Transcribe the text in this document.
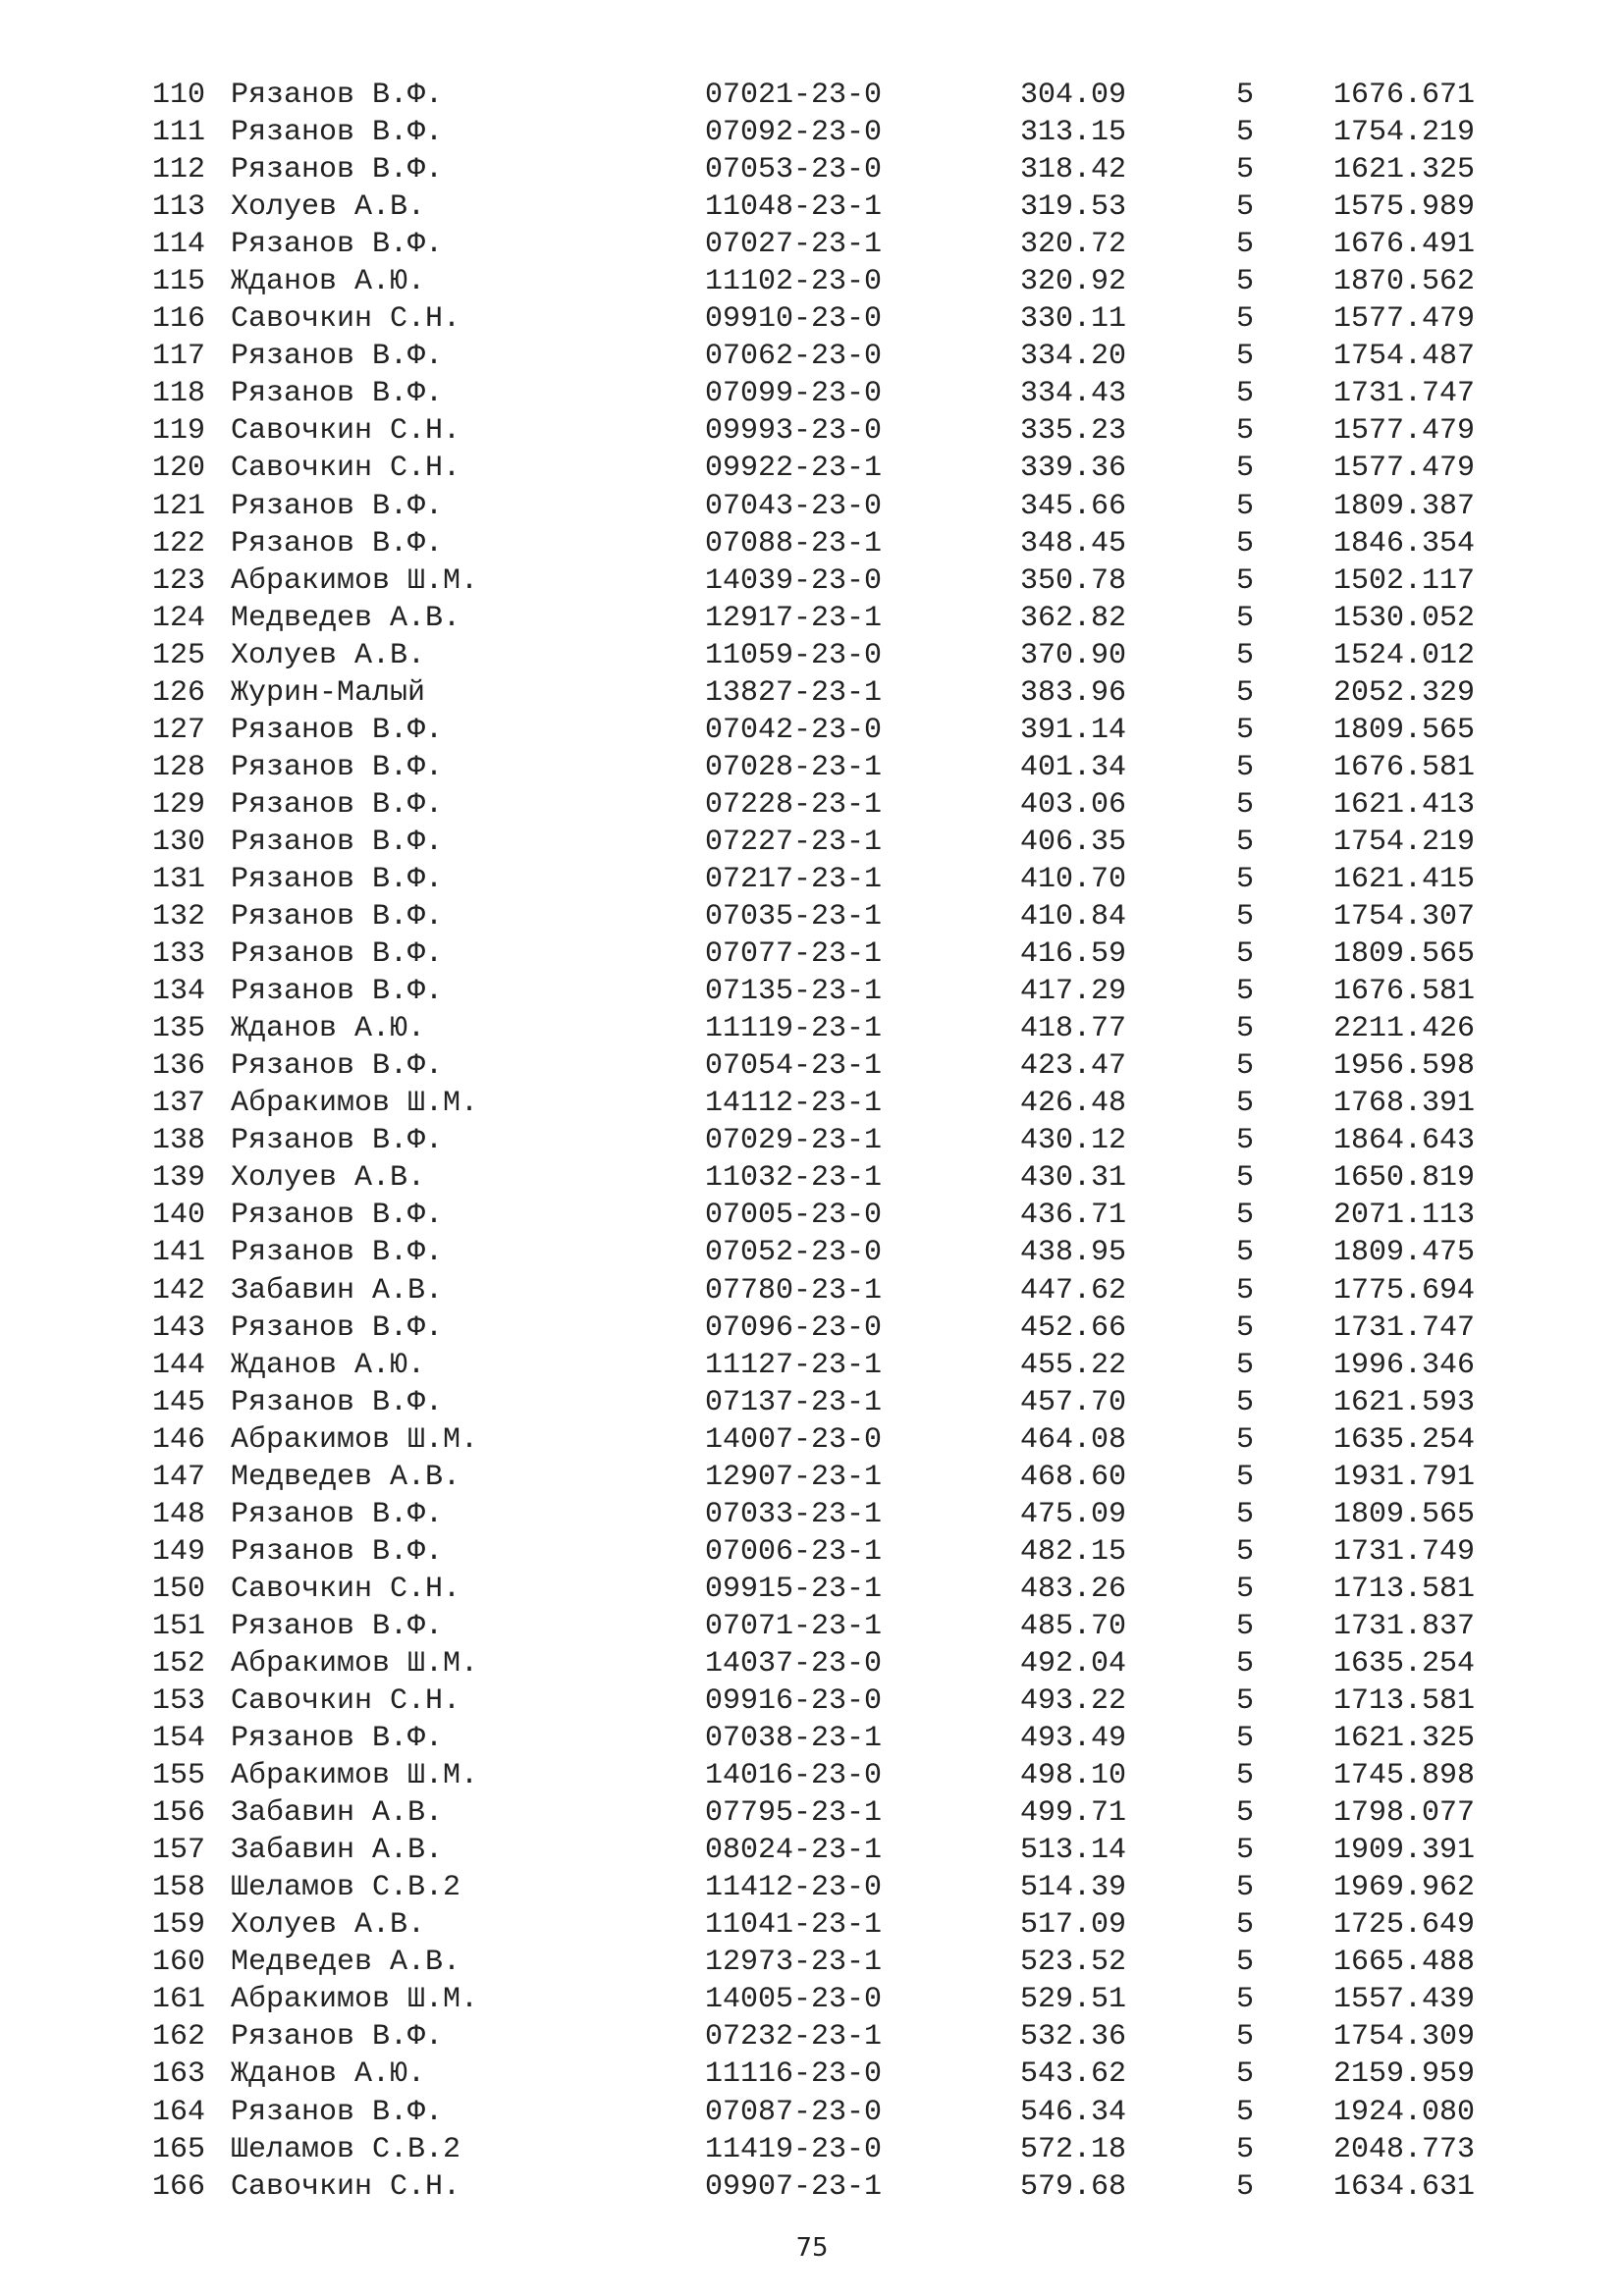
110 Рязанов В.Ф.	07021-23-0	304.09	5	1676.671
111 Рязанов В.Ф.	07092-23-0	313.15	5	1754.219
112 Рязанов В.Ф.	07053-23-0	318.42	5	1621.325
113 Холуев А.В.	11048-23-1	319.53	5	1575.989
114 Рязанов В.Ф.	07027-23-1	320.72	5	1676.491
115 Жданов А.Ю.	11102-23-0	320.92	5	1870.562
116 Савочкин С.Н.	09910-23-0	330.11	5	1577.479
117 Рязанов В.Ф.	07062-23-0	334.20	5	1754.487
118 Рязанов В.Ф.	07099-23-0	334.43	5	1731.747
119 Савочкин С.Н.	09993-23-0	335.23	5	1577.479
120 Савочкин С.Н.	09922-23-1	339.36	5	1577.479
121 Рязанов В.Ф.	07043-23-0	345.66	5	1809.387
122 Рязанов В.Ф.	07088-23-1	348.45	5	1846.354
123 Абракимов Ш.М.	14039-23-0	350.78	5	1502.117
124 Медведев А.В.	12917-23-1	362.82	5	1530.052
125 Холуев А.В.	11059-23-0	370.90	5	1524.012
126 Журин-Малый	13827-23-1	383.96	5	2052.329
127 Рязанов В.Ф.	07042-23-0	391.14	5	1809.565
128 Рязанов В.Ф.	07028-23-1	401.34	5	1676.581
129 Рязанов В.Ф.	07228-23-1	403.06	5	1621.413
130 Рязанов В.Ф.	07227-23-1	406.35	5	1754.219
131 Рязанов В.Ф.	07217-23-1	410.70	5	1621.415
132 Рязанов В.Ф.	07035-23-1	410.84	5	1754.307
133 Рязанов В.Ф.	07077-23-1	416.59	5	1809.565
134 Рязанов В.Ф.	07135-23-1	417.29	5	1676.581
135 Жданов А.Ю.	11119-23-1	418.77	5	2211.426
136 Рязанов В.Ф.	07054-23-1	423.47	5	1956.598
137 Абракимов Ш.М.	14112-23-1	426.48	5	1768.391
138 Рязанов В.Ф.	07029-23-1	430.12	5	1864.643
139 Холуев А.В.	11032-23-1	430.31	5	1650.819
140 Рязанов В.Ф.	07005-23-0	436.71	5	2071.113
141 Рязанов В.Ф.	07052-23-0	438.95	5	1809.475
142 Забавин А.В.	07780-23-1	447.62	5	1775.694
143 Рязанов В.Ф.	07096-23-0	452.66	5	1731.747
144 Жданов А.Ю.	11127-23-1	455.22	5	1996.346
145 Рязанов В.Ф.	07137-23-1	457.70	5	1621.593
146 Абракимов Ш.М.	14007-23-0	464.08	5	1635.254
147 Медведев А.В.	12907-23-1	468.60	5	1931.791
148 Рязанов В.Ф.	07033-23-1	475.09	5	1809.565
149 Рязанов В.Ф.	07006-23-1	482.15	5	1731.749
150 Савочкин С.Н.	09915-23-1	483.26	5	1713.581
151 Рязанов В.Ф.	07071-23-1	485.70	5	1731.837
152 Абракимов Ш.М.	14037-23-0	492.04	5	1635.254
153 Савочкин С.Н.	09916-23-0	493.22	5	1713.581
154 Рязанов В.Ф.	07038-23-1	493.49	5	1621.325
155 Абракимов Ш.М.	14016-23-0	498.10	5	1745.898
156 Забавин А.В.	07795-23-1	499.71	5	1798.077
157 Забавин А.В.	08024-23-1	513.14	5	1909.391
158 Шеламов С.В.2	11412-23-0	514.39	5	1969.962
159 Холуев А.В.	11041-23-1	517.09	5	1725.649
160 Медведев А.В.	12973-23-1	523.52	5	1665.488
161 Абракимов Ш.М.	14005-23-0	529.51	5	1557.439
162 Рязанов В.Ф.	07232-23-1	532.36	5	1754.309
163 Жданов А.Ю.	11116-23-0	543.62	5	2159.959
164 Рязанов В.Ф.	07087-23-0	546.34	5	1924.080
165 Шеламов С.В.2	11419-23-0	572.18	5	2048.773
166 Савочкин С.Н.	09907-23-1	579.68	5	1634.631
75
